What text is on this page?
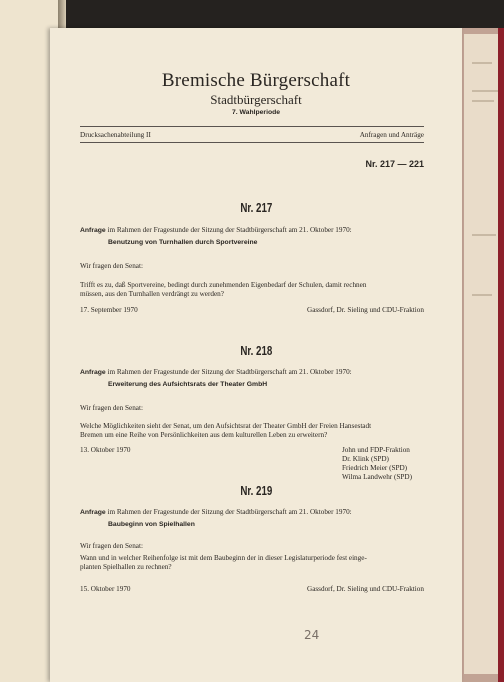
Bremische Bürgerschaft
Stadtbürgerschaft
7. Wahlperiode
Drucksachenabteilung II	Anfragen und Anträge
Nr. 217 — 221
Nr. 217
Anfrage im Rahmen der Fragestunde der Sitzung der Stadtbürgerschaft am 21. Oktober 1970:
Benutzung von Turnhallen durch Sportvereine
Wir fragen den Senat:
Trifft es zu, daß Sportvereine, bedingt durch zunehmenden Eigenbedarf der Schulen, damit rechnen
müssen, aus den Turnhallen verdrängt zu werden?
17. September 1970	Gassdorf, Dr. Sieling und CDU-Fraktion
Nr. 218
Anfrage im Rahmen der Fragestunde der Sitzung der Stadtbürgerschaft am 21. Oktober 1970:
Erweiterung des Aufsichtsrats der Theater GmbH
Wir fragen den Senat:
Welche Möglichkeiten sieht der Senat, um den Aufsichtsrat der Theater GmbH der Freien Hansestadt
Bremen um eine Reihe von Persönlichkeiten aus dem kulturellen Leben zu erweitern?
13. Oktober 1970	John und FDP-Fraktion
Dr. Klink (SPD)
Friedrich Meier (SPD)
Wilma Landwehr (SPD)
Nr. 219
Anfrage im Rahmen der Fragestunde der Sitzung der Stadtbürgerschaft am 21. Oktober 1970:
Baubeginn von Spielhallen
Wir fragen den Senat:
Wann und in welcher Reihenfolge ist mit dem Baubeginn der in dieser Legislaturperiode fest einge-
planten Spielhallen zu rechnen?
15. Oktober 1970	Gassdorf, Dr. Sieling und CDU-Fraktion
24
